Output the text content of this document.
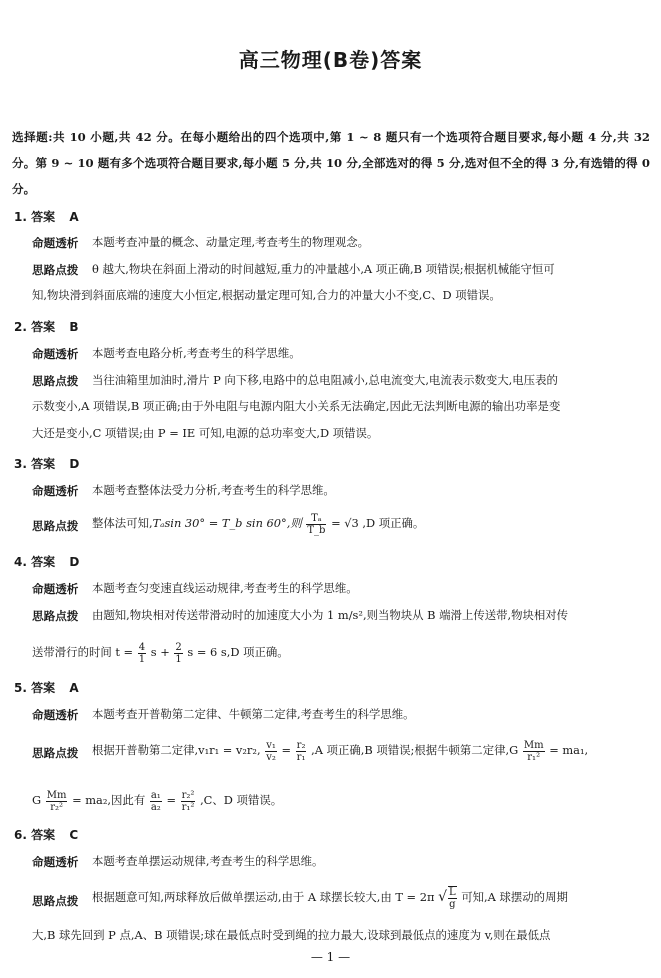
高三物理(B卷)答案
选择题:共 10 小题,共 42 分。在每小题给出的四个选项中,第 1 ~ 8 题只有一个选项符合题目要求,每小题 4 分,共 32 分。第 9 ~ 10 题有多个选项符合题目要求,每小题 5 分,共 10 分,全部选对的得 5 分,选对但不全的得 3 分,有选错的得 0 分。
1. 答案 A
命题透析 本题考查冲量的概念、动量定理,考查考生的物理观念。
思路点拨 θ 越大,物块在斜面上滑动的时间越短,重力的冲量越小,A 项正确,B 项错误;根据机械能守恒可
知,物块滑到斜面底端的速度大小恒定,根据动量定理可知,合力的冲量大小不变,C、D 项错误。
2. 答案 B
命题透析 本题考查电路分析,考查考生的科学思维。
思路点拨 当往油箱里加油时,滑片 P 向下移,电路中的总电阻减小,总电流变大,电流表示数变大,电压表的
示数变小,A 项错误,B 项正确;由于外电阻与电源内阻大小关系无法确定,因此无法判断电源的输出功率是变
大还是变小,C 项错误;由 P = IE 可知,电源的总功率变大,D 项错误。
3. 答案 D
命题透析 本题考查整体法受力分析,考查考生的科学思维。
思路点拨 整体法可知,Tₐsin 30° = T_b sin 60°,则 $\frac{\text{Tₐ}}{T\_b} = √3$ ,D 项正确。
4. 答案 D
命题透析 本题考查匀变速直线运动规律,考查考生的科学思维。
思路点拨 由题知,物块相对传送带滑动时的加速度大小为 1 m/s²,则当物块从 B 端滑上传送带,物块相对传
送带滑行的时间 $t = \frac{4}{1}$ $s + \frac{2}{1}$ s = 6 s,D 项正确。
5. 答案 A
命题透析 本题考查开普勒第二定律、牛顿第二定律,考查考生的科学思维。
思路点拨 根据开普勒第二定律,v₁r₁ = v₂r₂, $\frac{\text{v₁}}{\text{v₂}} = \frac{\text{r₂}}{\text{r₁}} ,A$ 项正确,B 项错误;根据牛顿第二定律$,G \frac{Mm}{\text{r₁²}} = ma_1$,
G $\frac{Mm}{\text{r₂²}} = ma_2$,因此有 $\frac{\text{a₁}}{\text{a₂}} = \frac{\text{r₂²}}{\text{r₁²}} ,C$、D 项错误。
6. 答案 C
命题透析 本题考查单摆运动规律,考查考生的科学思维。
思路点拨 根据题意可知,两球释放后做单摆运动,由于 A 球摆长较大,由 T = 2π √ $\frac{L}{g}$ 可知,A 球摆动的周期
大,B 球先回到 P 点,A、B 项错误;球在最低点时受到绳的拉力最大,设球到最低点的速度为 v,则在最低点
— 1 —
